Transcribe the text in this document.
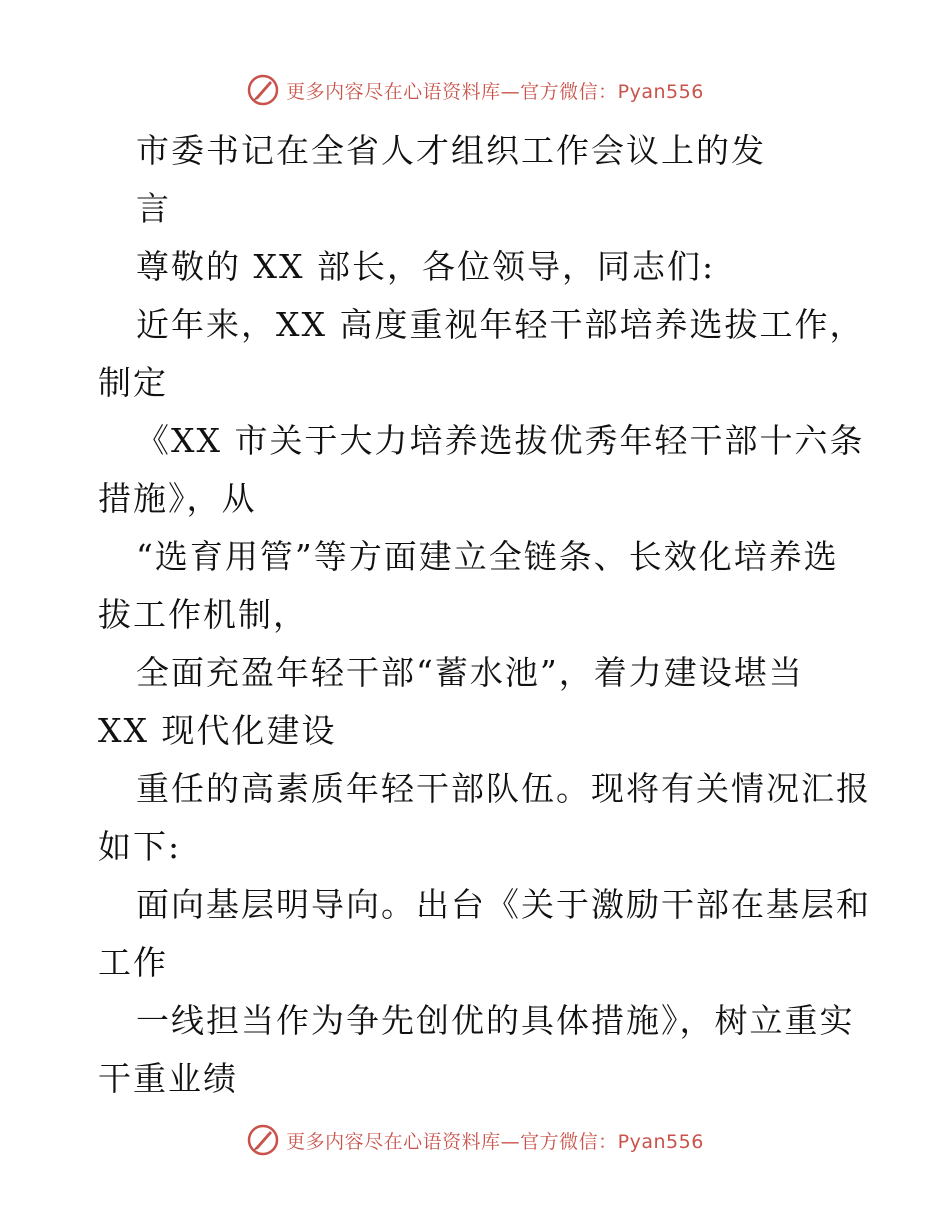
更多内容尽在心语资料库—官方微信：Pyan556
市委书记在全省人才组织工作会议上的发
言
尊敬的 XX 部长，各位领导，同志们:
近年来，XX 高度重视年轻干部培养选拔工作，
制定
《XX 市关于大力培养选拔优秀年轻干部十六条
措施》，从
“选育用管”等方面建立全链条、长效化培养选
拔工作机制，
全面充盈年轻干部“蓄水池”，着力建设堪当
XX 现代化建设
重任的高素质年轻干部队伍。现将有关情况汇报
如下:
面向基层明导向。出台《关于激励干部在基层和
工作
一线担当作为争先创优的具体措施》，树立重实
干重业绩
更多内容尽在心语资料库—官方微信：Pyan556
